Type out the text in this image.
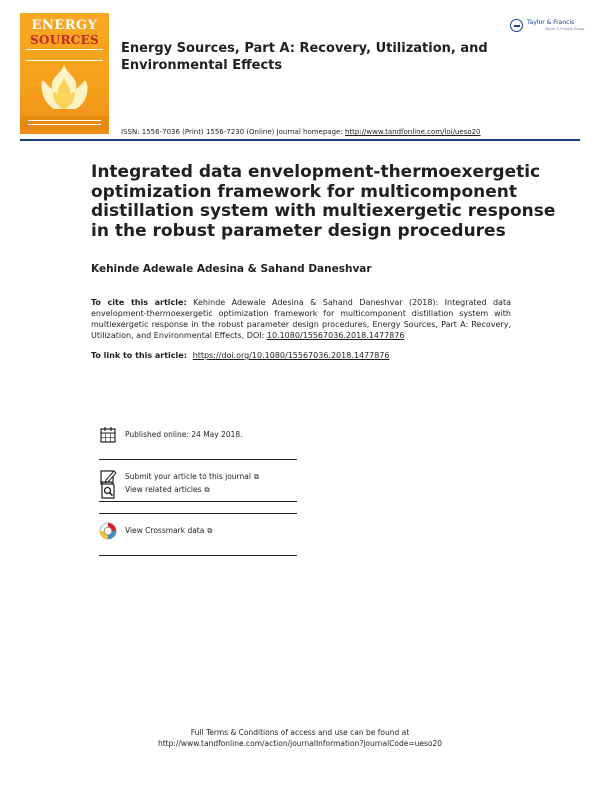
ENERGY
SOURCES
Taylor & Francis
Taylor & Francis Group
Energy Sources, Part A: Recovery, Utilization, and Environmental Effects
ISSN: 1556-7036 (Print) 1556-7230 (Online) Journal homepage: http://www.tandfonline.com/loi/ueso20
Integrated data envelopment-thermoexergetic optimization framework for multicomponent distillation system with multiexergetic response in the robust parameter design procedures
Kehinde Adewale Adesina & Sahand Daneshvar
To cite this article: Kehinde Adewale Adesina & Sahand Daneshvar (2018): Integrated data envelopment-thermoexergetic optimization framework for multicomponent distillation system with multiexergetic response in the robust parameter design procedures, Energy Sources, Part A: Recovery, Utilization, and Environmental Effects, DOI: 10.1080/15567036.2018.1477876
To link to this article: https://doi.org/10.1080/15567036.2018.1477876
Published online: 24 May 2018.
Submit your article to this journal ⧉
View related articles ⧉
View Crossmark data ⧉
Full Terms & Conditions of access and use can be found at
http://www.tandfonline.com/action/journalInformation?journalCode=ueso20
